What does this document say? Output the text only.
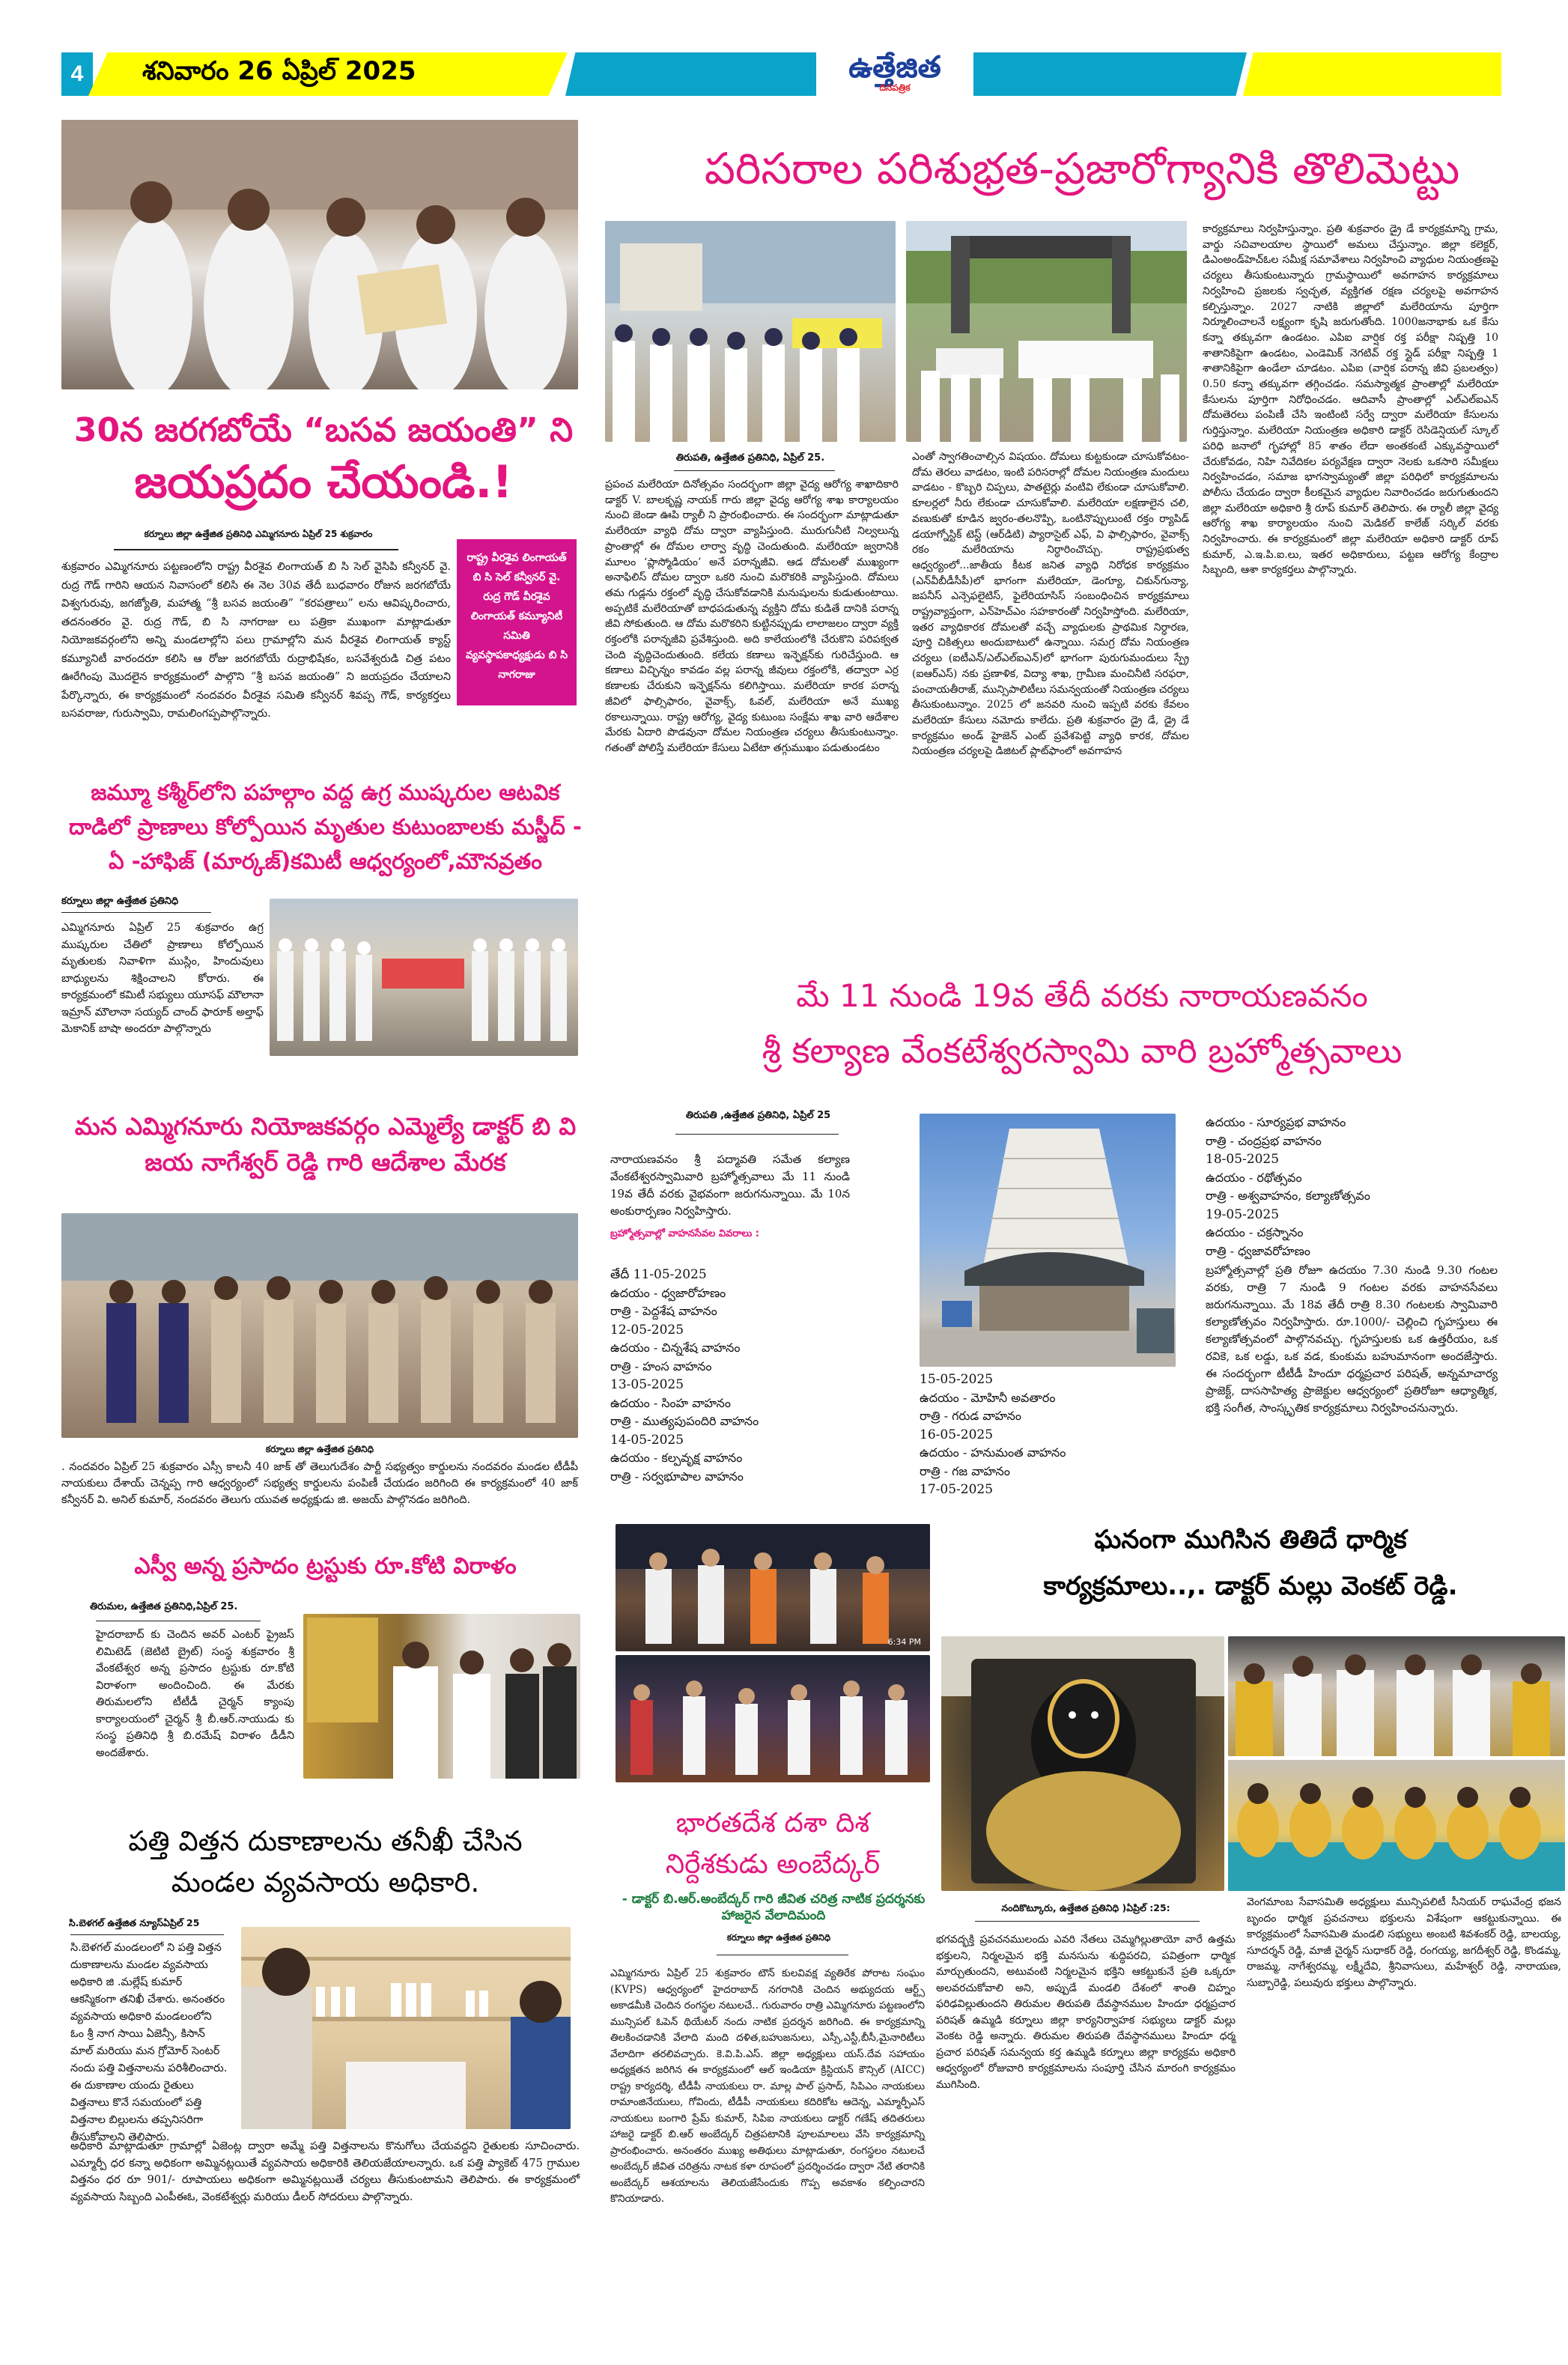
4	శనివారం 26 ఏప్రిల్ 2025	ఉత్తేజిత
దినపత్రిక
30న జరగబోయే “బసవ జయంతి” ని
జయప్రదం చేయండి.!
కర్నూలు జిల్లా ఉత్తేజిత ప్రతినిధి ఎమ్మిగనూరు ఏప్రిల్ 25 శుక్రవారం
రాష్ట్ర వీరశైవ లింగాయత్ బి సి సెల్ కన్వీనర్ వై. రుద్ర గౌడ్ వీరశైవ లింగాయత్ కమ్యూనిటీ సమితి వ్యవస్థాపకాధ్యక్షుడు బి సి నాగరాజు
శుక్రవారం ఎమ్మిగనూరు పట్టణంలోని రాష్ట్ర వీరశైవ లింగాయత్ బి సి సెల్ వైసిపి కన్వీనర్ వై. రుద్ర గౌడ్ గారిని ఆయన నివాసంలో కలిసి ఈ నెల 30వ తేదీ బుధవారం రోజున జరగబోయే విశ్వగురువు, జగజ్యోతి, మహాత్మ “శ్రీ బసవ జయంతి” “కరపత్రాలు” లను ఆవిష్కరించారు, తదనంతరం వై. రుద్ర గౌడ్, బి సి నాగరాజు లు పత్రికా ముఖంగా మాట్లాడుతూ నియోజకవర్గంలోని అన్ని మండలాల్లోని పలు గ్రామాల్లోని మన వీరశైవ లింగాయత్ క్యాస్ట్ కమ్యూనిటీ వారందరూ కలిసి ఆ రోజు జరగబోయే రుద్రాభిషేకం, బసవేశ్వరుడి చిత్ర పటం ఊరేగింపు మొదలైన కార్యక్రమంలో పాల్గొని “శ్రీ బసవ జయంతి” ని జయప్రదం చేయాలని పేర్కొన్నారు, ఈ కార్యక్రమంలో నందవరం వీరశైవ సమితి కన్వీనర్ శివప్ప గౌడ్, కార్యకర్తలు బసవరాజు, గురుస్వామి, రామలింగప్పపాల్గొన్నారు.
జమ్మూ కశ్మీర్‌లోని పహల్గాం వద్ద ఉగ్ర ముష్కరుల ఆటవిక దాడిలో ప్రాణాలు కోల్పోయిన మృతుల కుటుంబాలకు మస్జీద్ - ఏ -హాఫిజ్ (మార్కజ్)కమిటీ ఆధ్వర్యంలో,మౌనవ్రతం
కర్నూలు జిల్లా ఉత్తేజిత ప్రతినిధి
ఎమ్మిగనూరు ఏప్రిల్ 25 శుక్రవారం ఉగ్ర ముష్కరుల చేతిలో ప్రాణాలు కోల్పోయిన మృతులకు నివాళిగా ముస్లిం, హిందువులు బాధ్యులను శిక్షించాలని కోరారు. ఈ కార్యక్రమంలో కమిటీ సభ్యులు యూసఫ్ మౌలానా ఇమ్రాన్ మౌలానా సయ్యద్ చాంద్ ఫారూక్ అల్తాఫ్ మెకానిక్ బాషా అందరూ పాల్గొన్నారు
మన ఎమ్మిగనూరు నియోజకవర్గం ఎమ్మెల్యే డాక్టర్ బి వి జయ నాగేశ్వర్ రెడ్డి గారి ఆదేశాల మేరక
కర్నూలు జిల్లా ఉత్తేజిత ప్రతినిధి
. నందవరం ఏప్రిల్ 25 శుక్రవారం ఎస్సీ కాలనీ 40 జాక్ తో తెలుగుదేశం పార్టీ సభ్యత్వం కార్డులను నందవరం మండల టీడీపీ నాయకులు దేశాయ్ చెన్నప్ప గారి ఆధ్వర్యంలో సభ్యత్వ కార్డులను పంపిణీ చేయడం జరిగింది ఈ కార్యక్రమంలో 40 జాక్ కన్వీనర్ వి. అనిల్ కుమార్, నందవరం తెలుగు యువత అధ్యక్షుడు జి. అజయ్ పాల్గొనడం జరిగింది.
ఎస్వీ అన్న ప్రసాదం ట్రస్టుకు రూ.కోటి విరాళం
తిరుమల, ఉత్తేజిత ప్రతినిధి,ఏప్రిల్ 25.
హైదరాబాద్ కు చెందిన అవర్ ఎంటర్ ప్రైజస్ లిమిటెడ్ (జెటిటి బ్రైట్) సంస్థ శుక్రవారం శ్రీ వేంకటేశ్వర అన్న ప్రసాదం ట్రస్టుకు రూ.కోటి విరాళంగా అందించింది. ఈ మేరకు తిరుమలలోని టీటీడీ చైర్మన్ క్యాంపు కార్యాలయంలో చైర్మన్ శ్రీ బీ.ఆర్.నాయుడు కు సంస్థ ప్రతినిధి శ్రీ బి.రమేష్ విరాళం డీడీని అందజేశారు.
పత్తి విత్తన దుకాణాలను తనీఖీ చేసిన
మండల వ్యవసాయ అధికారి.
సి.బెళగల్ ఉత్తేజిత న్యూస్ఏప్రిల్ 25
సి.బెళగల్ మండలంలో ని పత్తి విత్తన దుకాణాలను మండల వ్యవసాయ అధికారి జి .మల్లేష్ కుమార్ ఆకస్మికంగా తనిఖీ చేశారు. అనంతరం వ్యవసాయ అధికారి మండలంలోని ఓం శ్రీ నాగ సాయి ఏజెన్సీ, కిసాన్ మాల్ మరియు మన గ్రోమోర్ సెంటర్ నందు పత్తి విత్తనాలను పరిశీలించారు. ఈ దుకాణాల యందు రైతులు విత్తనాలు కొనే సమయంలో పత్తి విత్తనాల బిల్లులను తప్పనిసరిగా తీసుకోవాలని తెలిపారు.
అధికారి మాట్లాడుతూ గ్రామాల్లో ఏజెంట్ల ద్వారా అమ్మే పత్తి విత్తనాలను కొనుగోలు చేయవద్దని రైతులకు సూచించారు. ఎమ్మార్పీ ధర కన్నా అధికంగా అమ్మినట్లయితే వ్యవసాయ అధికారికి తెలియజేయాలన్నారు. ఒక పత్తి ప్యాకెట్ 475 గ్రాముల విత్తనం ధర రూ 901/- రూపాయలు అధికంగా అమ్మినట్లయితే చర్యలు తీసుకుంటామని తెలిపారు. ఈ కార్యక్రమంలో వ్యవసాయ సిబ్బంది ఎంపీఈఓ, వెంకటేశ్వర్లు మరియు డీలర్ సోదరులు పాల్గొన్నారు.
పరిసరాల పరిశుభ్రత-ప్రజారోగ్యానికి తొలిమెట్టు
తిరుపతి, ఉత్తేజిత ప్రతినిధి, ఏప్రిల్ 25.
ప్రపంచ మలేరియా దినోత్సవం సందర్భంగా జిల్లా వైద్య ఆరోగ్య శాఖాదికారి డాక్టర్ V. బాలకృష్ణ నాయక్ గారు జిల్లా వైద్య ఆరోగ్య శాఖ కార్యాలయం నుంచి జెండా ఊపి ర్యాలీ ని ప్రారంభించారు. ఈ సందర్భంగా మాట్లాడుతూ మలేరియా వ్యాధి దోమ ద్వారా వ్యాపిస్తుంది. మురుగునీటి నిల్వలున్న ప్రాంతాల్లో ఈ దోమల లార్వా వృద్ధి చెందుతుంది. మలేరియా జ్వరానికి మూలం ‘ప్లాస్మోడియం’ అనే పరాన్నజీవి. ఆడ దోమలతో ముఖ్యంగా అనాఫిలిస్ దోమల ద్వారా ఒకరి నుంచి మరొకరికి వ్యాపిస్తుంది. దోమలు తమ గుడ్లను రక్తంలో వృద్ధి చేసుకోవడానికి మనుషులను కుడుతుంటాయి. అప్పటికే మలేరియాతో బాధపడుతున్న వ్యక్తిని దోమ కుడితే దానికి పరాన్న జీవి సోకుతుంది. ఆ దోమ మరొకరిని కుట్టినప్పుడు లాలాజలం ద్వారా వ్యక్తి రక్తంలోకి పరాన్నజీవి ప్రవేశిస్తుంది. అది కాలేయంలోకి చేరుకొని పరిపక్వత చెంది వృద్ధిచెందుతుంది. కలేయ కణాలు ఇన్ఫెక్షన్‌కు గురిచేస్తుంది. ఆ కణాలు విచ్ఛిన్నం కావడం వల్ల పరాన్న జీవులు రక్తంలోకి, తద్వారా ఎర్ర కణాలకు చేరుకుని ఇన్ఫెక్షన్‌ను కలిగిస్తాయి. మలేరియా కారక పరాన్న జీవిలో ఫాల్సిఫారం, వైవాక్స్, ఓవల్, మలేరియా అనే ముఖ్య రకాలున్నాయి. రాష్ట్ర ఆరోగ్య, వైద్య కుటుంబ సంక్షేమ శాఖ వారి ఆదేశాల మేరకు ఏదారి పొడవునా దోమల నియంత్రణ చర్యలు తీసుకుంటున్నాం. గతంతో పోలిస్తే మలేరియా కేసులు ఏటేటా తగ్గుముఖం పడుతుండటం
ఎంతో స్వాగతించాల్సిన విషయం. దోమలు కుట్టకుండా చూసుకోవటం-దోమ తెరలు వాడటం, ఇంటి పరిసరాల్లో దోమల నియంత్రణ మందులు వాడటం - కొబ్బరి చిప్పలు, పాతటైర్లు వంటివి లేకుండా చూసుకోవాలి. కూలర్లలో నీరు లేకుండా చూసుకోవాలి. మలేరియా లక్షణాలైన చలి, వణుకుతో కూడిన జ్వరం-తలనొప్పి, ఒంటినొప్పులుంటే రక్తం ర్యాపిడ్ డయాగ్నోస్టిక్ టెస్ట్ (ఆర్‌డిటి) ప్యారాసైట్ ఎఫ్, వి ఫాల్సిఫారం, వైవాక్స్ రకం మలేరియాను నిర్ధారించొచ్చు. రాష్ట్రప్రభుత్వ ఆధ్వర్యంలో...జాతీయ కీటక జనిత వ్యాధి నిరోధక కార్యక్రమం (ఎన్‌వీబీడీసీపీ)లో భాగంగా మలేరియా, డెంగ్యూ, చికున్‌గున్యా, జపనీస్ ఎన్సెఫలైటిస్, ఫైలేరియాసిస్ సంబంధించిన కార్యక్రమాలు రాష్ట్రవ్యాప్తంగా, ఎన్‌హెచ్‌ఎం సహకారంతో నిర్వహిస్తోంది. మలేరియా, ఇతర వ్యాధికారక దోమలతో వచ్చే వ్యాధులకు ప్రాథమిక నిర్ధారణ, పూర్తి చికిత్సలు అందుబాటులో ఉన్నాయి. సమగ్ర దోమ నియంత్రణ చర్యలు (ఐటీఎన్/ఎల్ఎల్‌ఐఎన్)లో భాగంగా పురుగుమందులు స్ప్రే (ఐఆర్ఎస్) నకు ప్రణాళిక, విద్యా శాఖ, గ్రామీణ మంచినీటి సరఫరా, పంచాయతీరాజ్, మున్సిపాలిటీలు సమన్వయంతో నియంత్రణ చర్యలు తీసుకుంటున్నాం. 2025 లో జనవరి నుంచి ఇప్పటి వరకు కేవలం మలేరియా కేసులు నమోదు కాలేదు. ప్రతి శుక్రవారం డ్రై డే, డ్రై డే కార్యక్రమం అండ్ హైజెన్ ఎంట్ ప్రవేశపెట్టి వ్యాధి కారక, దోమల నియంత్రణ చర్యలపై డిజిటల్ ప్లాట్‌ఫాంలో అవగాహన
కార్యక్రమాలు నిర్వహిస్తున్నాం. ప్రతి శుక్రవారం డ్రై డే కార్యక్రమాన్ని గ్రామ, వార్డు సచివాలయాల స్థాయిలో అమలు చేస్తున్నాం. జిల్లా కలెక్టర్, డిఎంఅండ్‌హెచ్‌ఓల సమీక్ష సమావేశాలు నిర్వహించి వ్యాధుల నియంత్రణపై చర్యలు తీసుకుంటున్నారు గ్రామస్థాయిలో అవగాహన కార్యక్రమాలు నిర్వహించి ప్రజలకు స్వచ్ఛత, వ్యక్తిగత రక్షణ చర్యలపై అవగాహన కల్పిస్తున్నాం. 2027 నాటికి జిల్లాలో మలేరియాను పూర్తిగా నిర్మూలించాలనే లక్ష్యంగా కృషి జరుగుతోంది. 1000జనాభాకు ఒక కేసు కన్నా తక్కువగా ఉండటం. ఎపిఐ వార్షిక రక్త పరీక్షా నిష్పత్తి 10 శాతానికిపైగా ఉండటం, ఎండెమిక్ నెగటివ్ రక్త స్లైడ్ పరీక్షా నిష్పత్తి 1 శాతానికిపైగా ఉండేలా చూడటం. ఎపిఐ (వార్షిక పరాన్న జీవి ప్రబలత్వం) 0.50 కన్నా తక్కువగా తగ్గించడం. సమస్యాత్మక ప్రాంతాల్లో మలేరియా కేసులను పూర్తిగా నిరోధించడం. ఆదివాసీ ప్రాంతాల్లో ఎల్ఎల్ఐఎన్ దోమతెరలు పంపిణీ చేసి ఇంటింటి సర్వే ద్వారా మలేరియా కేసులను గుర్తిస్తున్నాం. మలేరియా నియంత్రణ అధికారి డాక్టర్ రెసిడెన్షియల్ స్కూల్ పరిధి జనాలో గృహాల్లో 85 శాతం లేదా అంతకంటే ఎక్కువస్థాయిలో చేరుకోవడం, నిహి నివేదికల పర్యవేక్షణ ద్వారా నెలకు ఒకసారి సమీక్షలు నిర్వహించడం, సమాజ భాగస్వామ్యంతో జిల్లా పరిధిలో కార్యక్రమాలను పోలీసు చేయడం ద్వారా కీలకమైన వ్యాధుల నివారించడం జరుగుతుందని జిల్లా మలేరియా అధికారి శ్రీ రూప్ కుమార్ తెలిపారు. ఈ ర్యాలీ జిల్లా వైద్య ఆరోగ్య శాఖ కార్యాలయం నుంచి మెడికల్ కాలేజ్ సర్కిల్ వరకు నిర్వహించారు. ఈ కార్యక్రమంలో జిల్లా మలేరియా అధికారి డాక్టర్ రూప్ కుమార్, ఎ.ఇ.పి.ఐ.లు, ఇతర అధికారులు, పట్టణ ఆరోగ్య కేంద్రాల సిబ్బంది, ఆశా కార్యకర్తలు పాల్గొన్నారు.
మే 11 నుండి 19వ తేదీ వరకు నారాయణవనం
శ్రీ కల్యాణ వేంకటేశ్వరస్వామి వారి బ్రహ్మోత్సవాలు
తిరుపతి ,ఉత్తేజిత ప్రతినిధి, ఏప్రిల్ 25
నారాయణవనం శ్రీ పద్మావతి సమేత కల్యాణ వేంకటేశ్వరస్వామివారి బ్రహ్మోత్సవాలు మే 11 నుండి 19వ తేదీ వరకు వైభవంగా జరుగనున్నాయి. మే 10న అంకురార్పణం నిర్వహిస్తారు.
బ్రహ్మోత్సవాల్లో వాహనసేవల వివరాలు :
తేదీ 11-05-2025
ఉదయం - ధ్వజారోహణం
రాత్రి - పెద్దశేష వాహనం
12-05-2025
ఉదయం - చిన్నశేష వాహనం
రాత్రి - హంస వాహనం
13-05-2025
ఉదయం - సింహ వాహనం
రాత్రి - ముత్యపుపందిరి వాహనం
14-05-2025
ఉదయం - కల్పవృక్ష వాహనం
రాత్రి - సర్వభూపాల వాహనం
15-05-2025
ఉదయం - మోహినీ అవతారం
రాత్రి - గరుడ వాహనం
16-05-2025
ఉదయం - హనుమంత వాహనం
రాత్రి - గజ వాహనం
17-05-2025
ఉదయం - సూర్యప్రభ వాహనం
రాత్రి - చంద్రప్రభ వాహనం
18-05-2025
ఉదయం - రథోత్సవం
రాత్రి - అశ్వవాహనం, కల్యాణోత్సవం
19-05-2025
ఉదయం - చక్రస్నానం
రాత్రి - ధ్వజావరోహణం
బ్రహ్మోత్సవాల్లో ప్రతి రోజూ ఉదయం 7.30 నుండి 9.30 గంటల వరకు, రాత్రి 7 నుండి 9 గంటల వరకు వాహనసేవలు జరుగనున్నాయి. మే 18వ తేదీ రాత్రి 8.30 గంటలకు స్వామివారి కల్యాణోత్సవం నిర్వహిస్తారు. రూ.1000/- చెల్లించి గృహస్తులు ఈ కల్యాణోత్సవంలో పాల్గొనవచ్చు. గృహస్తులకు ఒక ఉత్తరీయం, ఒక రవికె, ఒక లడ్డు, ఒక వడ, కుంకుమ బహుమానంగా అందజేస్తారు. ఈ సందర్భంగా టీటీడీ హిందూ ధర్మప్రచార పరిషత్, అన్నమాచార్య ప్రాజెక్ట్, దాససాహిత్య ప్రాజెక్టుల ఆధ్వర్యంలో ప్రతిరోజూ ఆధ్యాత్మిక, భక్తి సంగీత, సాంస్కృతిక కార్యక్రమాలు నిర్వహించనున్నారు.
6:34 PM
భారతదేశ దశా దిశ
నిర్దేశకుడు అంబేద్కర్
- డాక్టర్ బి.ఆర్.అంబేద్కర్ గారి జీవిత చరిత్ర నాటిక ప్రదర్శనకు హాజరైన వేలాదిమంది
కర్నూలు జిల్లా ఉత్తేజిత ప్రతినిధి
ఎమ్మిగనూరు ఏప్రిల్ 25 శుక్రవారం టౌన్ కులవివక్ష వ్యతిరేక పోరాట సంఘం (KVPS) ఆధ్వర్యంలో హైదరాబాద్ నగరానికి చెందిన అభ్యుదయ ఆర్ట్స్ అకాడమీకి చెందిన రంగస్థల నటులచే.. గురువారం రాత్రి ఎమ్మిగనూరు పట్టణంలోని మున్సిపల్ ఓపెన్ థియేటర్ నందు నాటిక ప్రదర్శన జరిగింది. ఈ కార్యక్రమాన్ని తిలకించడానికి వేలాది మంది దళిత,బహుజనులు, ఎస్సీ,ఎస్టీ,బీసీ,మైనారిటీలు వేలాదిగా తరలివచ్చారు. కె.వి.పి.ఎస్. జిల్లా అధ్యక్షులు యస్.దేవ సహాయం అధ్యక్షతన జరిగిన ఈ కార్యక్రమంలో ఆల్ ఇండియా క్రిస్టియన్ కౌన్సిల్ (AICC) రాష్ట్ర కార్యదర్శి, టీడీపీ నాయకులు రా. మాల్ల పాల్ ప్రసాద్, సిపిఎం నాయకులు రామాంజినేయులు, గోవిందు, టీడీపీ నాయకులు కదిరికోట ఆదెన్న, ఎమ్మార్పీఎస్ నాయకులు బంగారి ప్రేమ్ కుమార్, సిపిఐ నాయకులు డాక్టర్ గణేష్ తదితరులు హాజరై డాక్టర్ బి.ఆర్ అంబేద్కర్ చిత్రపటానికి పూలమాలలు వేసి కార్యక్రమాన్ని ప్రారంభించారు. అనంతరం ముఖ్య అతిథులు మాట్లాడుతూ, రంగస్థలం నటులచే అంబేద్కర్ జీవిత చరిత్రను నాటక కళా రూపంలో ప్రదర్శించడం ద్వారా నేటి తరానికి అంబేద్కర్ ఆశయాలను తెలియజేసేందుకు గొప్ప అవకాశం కల్పించారని కొనియాడారు.
ఘనంగా ముగిసిన తితిదే ధార్మిక
కార్యక్రమాలు..,. డాక్టర్ మల్లు వెంకట్ రెడ్డి.
నందికొట్కూరు, ఉత్తేజిత ప్రతినిధి )ఏప్రిల్ :25:
భగవద్భక్తి ప్రవచనములందు ఎవరి నేతలు చెమ్మగిల్లుతాయో వారే ఉత్తమ భక్తులని, నిర్మలమైన భక్తి మనసును శుద్ధిపరచి, పవిత్రంగా ధార్మిక మార్చుతుందని, అటువంటి నిర్మలమైన భక్తిని ఆకట్టుకునే ప్రతి ఒక్కరూ అలవరచుకోవాలి అని, అప్పుడే మండలి దేశంలో శాంతి చిహ్నం ఫరిఢవిల్లుతుందని తిరుమల తిరుపతి దేవస్థానముల హిందూ ధర్మప్రచార పరిషత్ ఉమ్మడి కర్నూలు జిల్లా కార్యనిర్వాహక సభ్యులు డాక్టర్ మల్లు వెంకట రెడ్డి అన్నారు. తిరుమల తిరుపతి దేవస్థానములు హిందూ ధర్మ ప్రచార పరిషత్ సమన్వయ కర్త ఉమ్మడి కర్నూలు జిల్లా కార్యక్రమ అధికారి ఆధ్వర్యంలో రోజువారి కార్యక్రమాలను సంపూర్తి చేసిన మారంగి కార్యక్రమం ముగిసింది.
వెంగమాంబ సేవాసమితి అధ్యక్షులు మున్సిపలిటీ సీనియర్ రాఘవేంద్ర భజన బృందం ధార్మిక ప్రవచనాలు భక్తులను విశేషంగా ఆకట్టుకున్నాయి. ఈ కార్యక్రమంలో సేవాసమితి మండలి సభ్యులు అంబటి శివశంకర్ రెడ్డి, బాలయ్య, సూదర్శన్ రెడ్డి, మాజీ చైర్మన్ సుధాకర్ రెడ్డి, రంగయ్య, జగదీశ్వర్ రెడ్డి, కొండమ్మ, రాజమ్మ, నాగేశ్వరమ్మ, లక్ష్మీదేవి, శ్రీనివాసులు, మహేశ్వర్ రెడ్డి, నారాయణ, సుబ్బారెడ్డి, పలువురు భక్తులు పాల్గొన్నారు.
